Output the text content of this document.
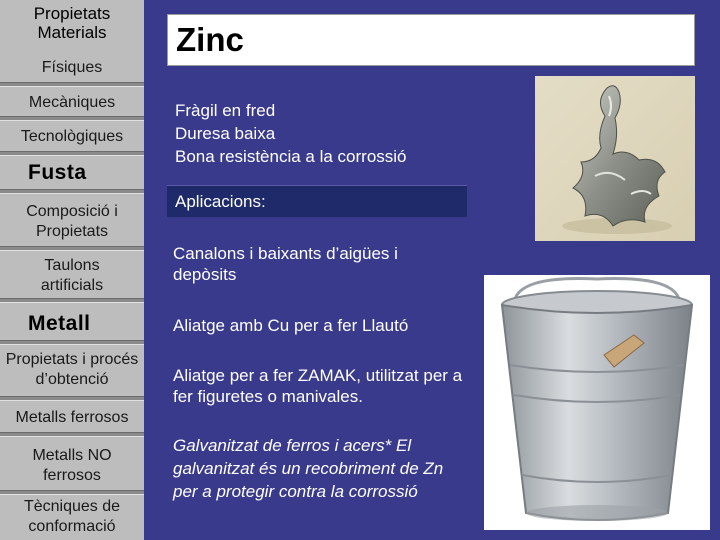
Propietats Materials
Físiques
Mecàniques
Tecnològiques
Fusta
Composició i Propietats
Taulons artificials
Metall
Propietats i procés d’obtenció
Metalls ferrosos
Metalls NO ferrosos
Tècniques de conformació
Zinc
Fràgil en fred
Duresa baixa
Bona resistència a la corrossió
Aplicacions:
Canalons i baixants d’aigües i depòsits
Aliatge amb Cu per a fer Llautó
Aliatge per a fer ZAMAK, utilitzat per a fer figuretes o manivales.
Galvanitzat de ferros i acers* El galvanitzat és un recobriment de Zn per a protegir contra la corrossió
